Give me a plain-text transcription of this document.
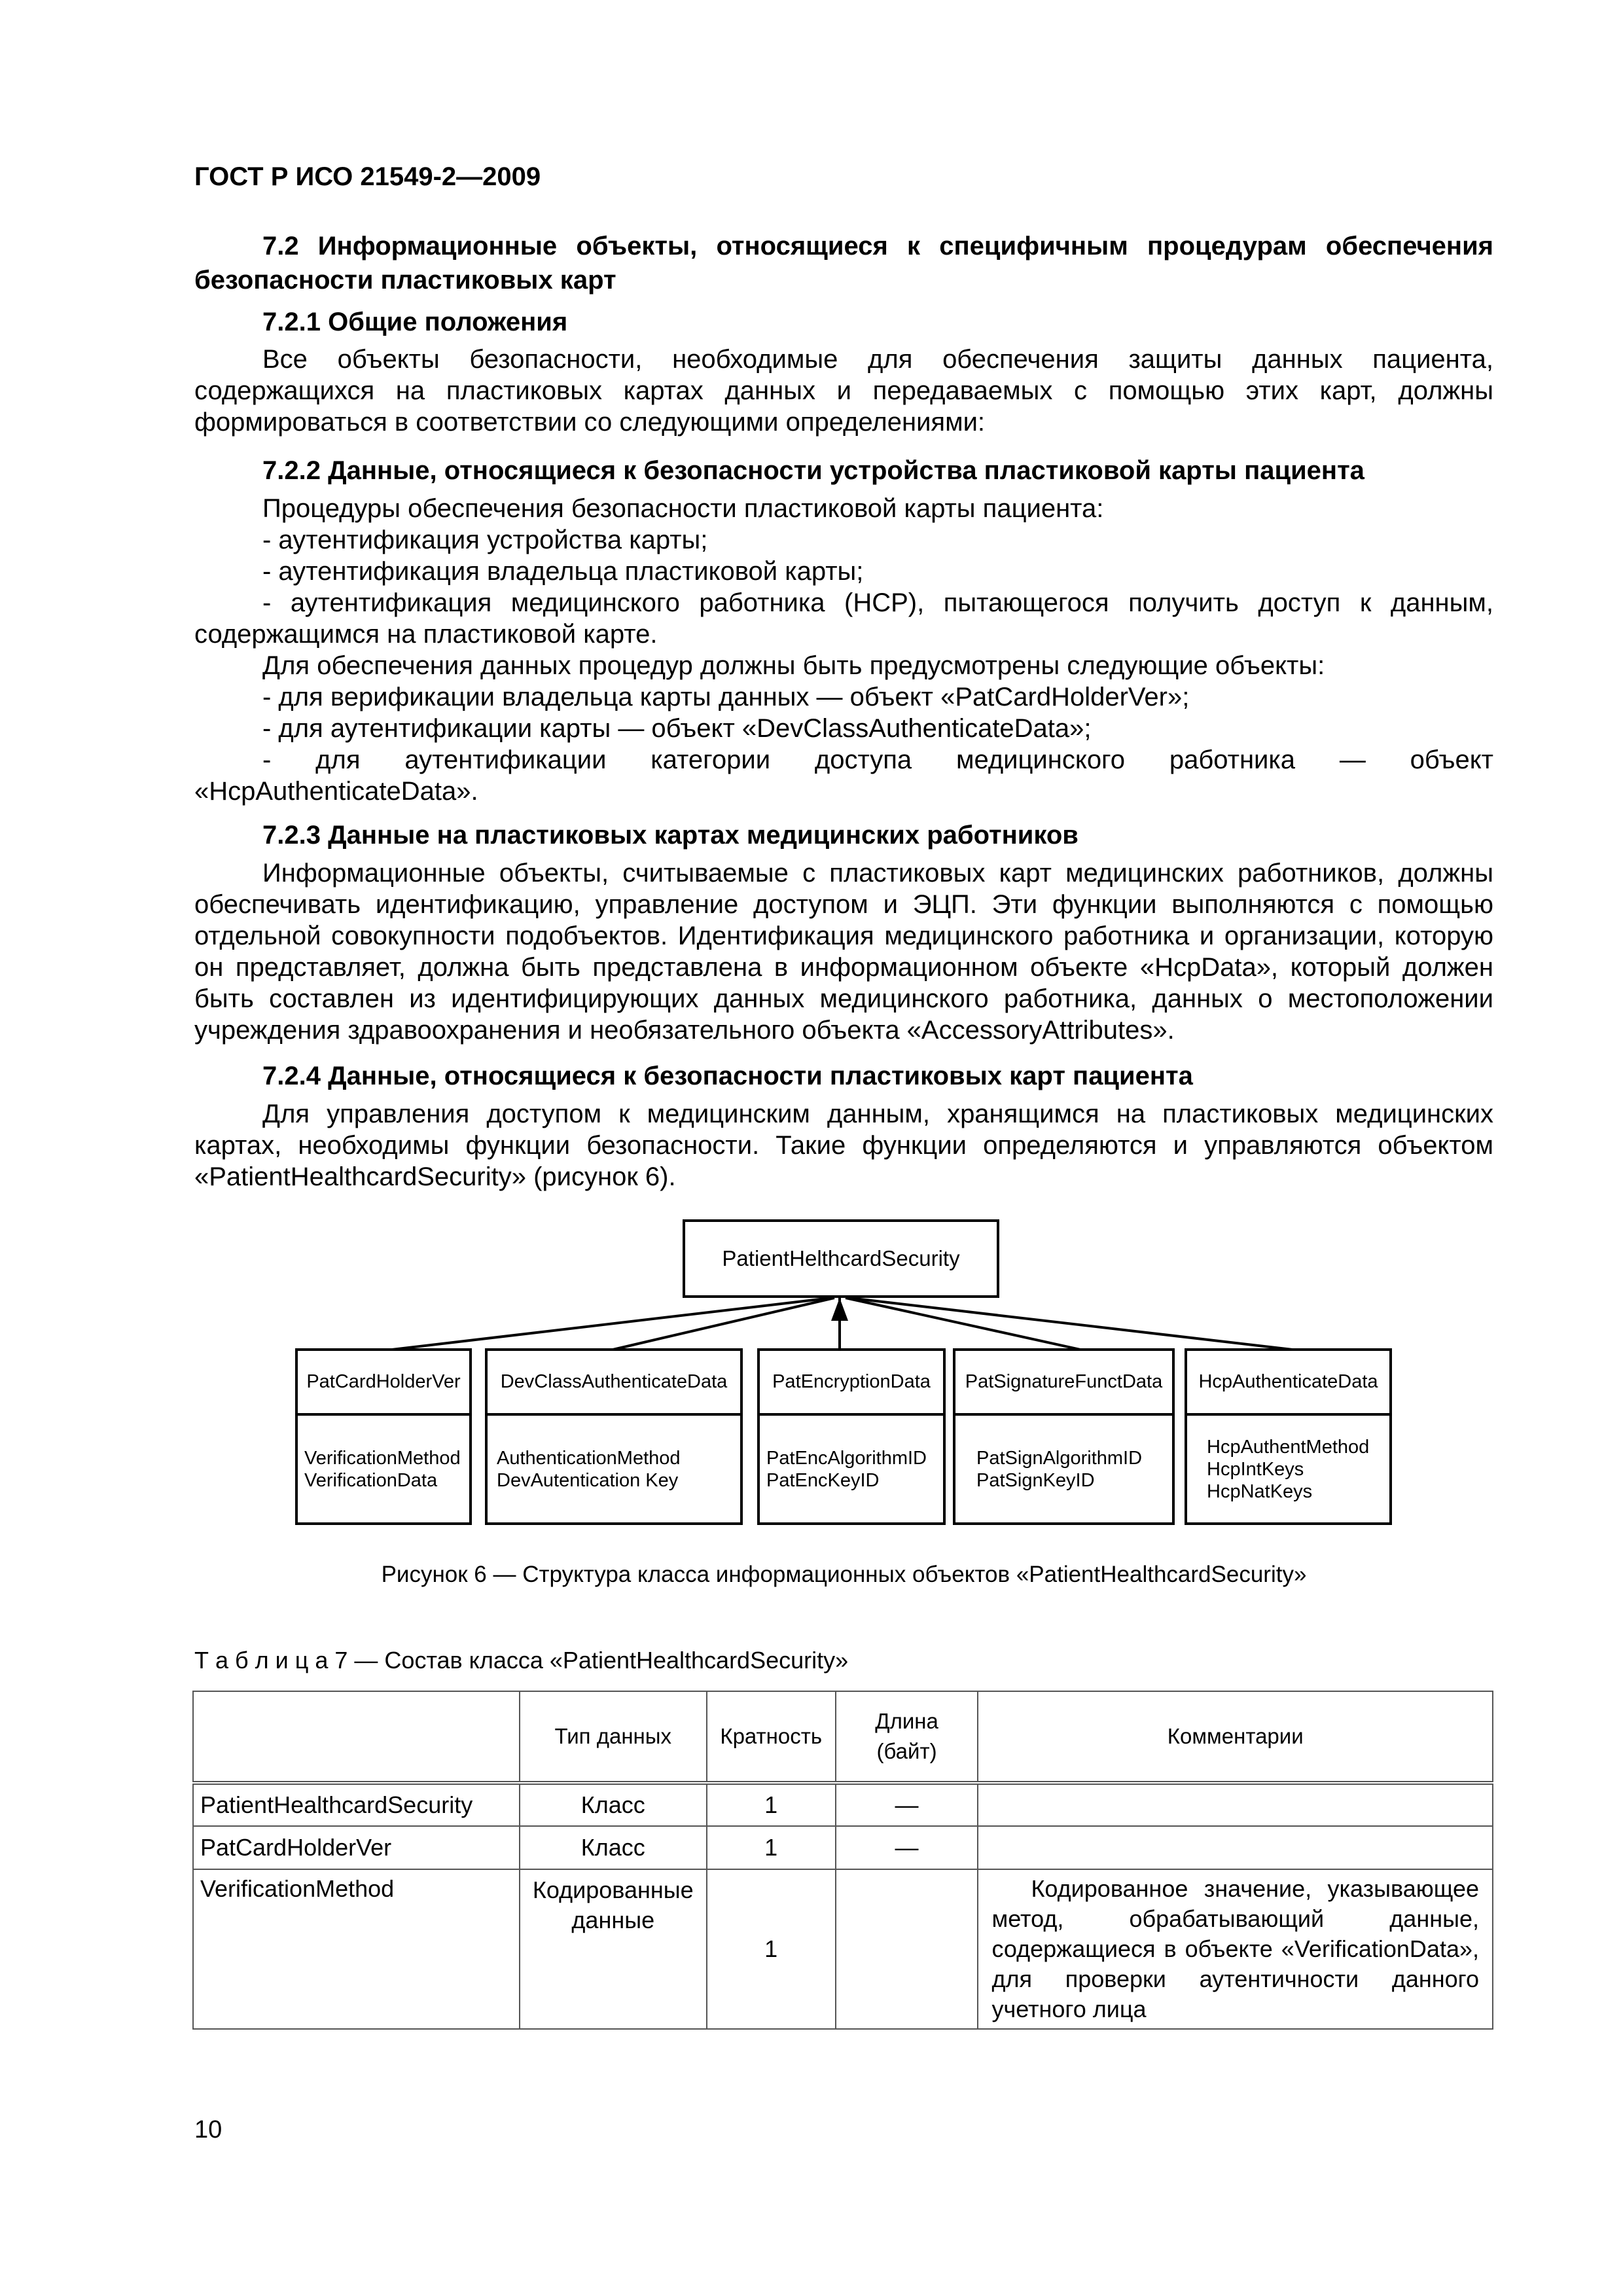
ГОСТ Р ИСО 21549-2—2009
7.2 Информационные объекты, относящиеся к специфичным процедурам обеспечения безопасности пластиковых карт
7.2.1 Общие положения
Все объекты безопасности, необходимые для обеспечения защиты данных пациента, содержащихся на пластиковых картах данных и передаваемых с помощью этих карт, должны формироваться в соответствии со следующими определениями:
7.2.2 Данные, относящиеся к безопасности устройства пластиковой карты пациента

Процедуры обеспечения безопасности пластиковой карты пациента:

- аутентификация устройства карты;

- аутентификация владельца пластиковой карты;

- аутентификация медицинского работника (HCP), пытающегося получить доступ к данным, содержащимся на пластиковой карте.

Для обеспечения данных процедур должны быть предусмотрены следующие объекты:

- для верификации владельца карты данных — объект «PatCardHolderVer»;

- для аутентификации карты — объект «DevClassAuthenticateData»;

- для аутентификации категории доступа медицинского работника — объект

«HcpAuthenticateData».

7.2.3 Данные на пластиковых картах медицинских работников
Информационные объекты, считываемые с пластиковых карт медицинских работников, должны обеспечивать идентификацию, управление доступом и ЭЦП. Эти функции выполняются с помощью отдельной совокупности подобъектов. Идентификация медицинского работника и организации, которую он представляет, должна быть представлена в информационном объекте «HcpData», который должен быть составлен из идентифицирующих данных медицинского работника, данных о местоположении учреждения здравоохранения и необязательного объекта «AccessoryAttributes».
7.2.4 Данные, относящиеся к безопасности пластиковых карт пациента
Для управления доступом к медицинским данным, хранящимся на пластиковых медицинских картах, необходимы функции безопасности. Такие функции определяются и управляются объектом «PatientHealthcardSecurity» (рисунок 6).
PatientHelthcardSecurity
PatCardHolderVer
VerificationMethod
VerificationData
DevClassAuthenticateData
AuthenticationMethod
DevAutentication Key
PatEncryptionData
PatEncAlgorithmID
PatEncKeyID
PatSignatureFunctData
PatSignAlgorithmID
PatSignKeyID
HcpAuthenticateData
HcpAuthentMethod
HcpIntKeys
HcpNatKeys
Рисунок 6 — Структура класса информационных объектов «PatientHealthcardSecurity»
Т а б л и ц а 7 — Состав класса «PatientHealthcardSecurity»
	Тип данных	Кратность	Длина (байт)	Комментарии
PatientHealthcardSecurity	Класс	1	—	
PatCardHolderVer	Класс	1	—	
VerificationMethod	Кодированные данные	1		Кодированное значение, указывающее метод, обрабатывающий данные, содержащиеся в объекте «VerificationData», для проверки аутентичности данного учетного лица
10
